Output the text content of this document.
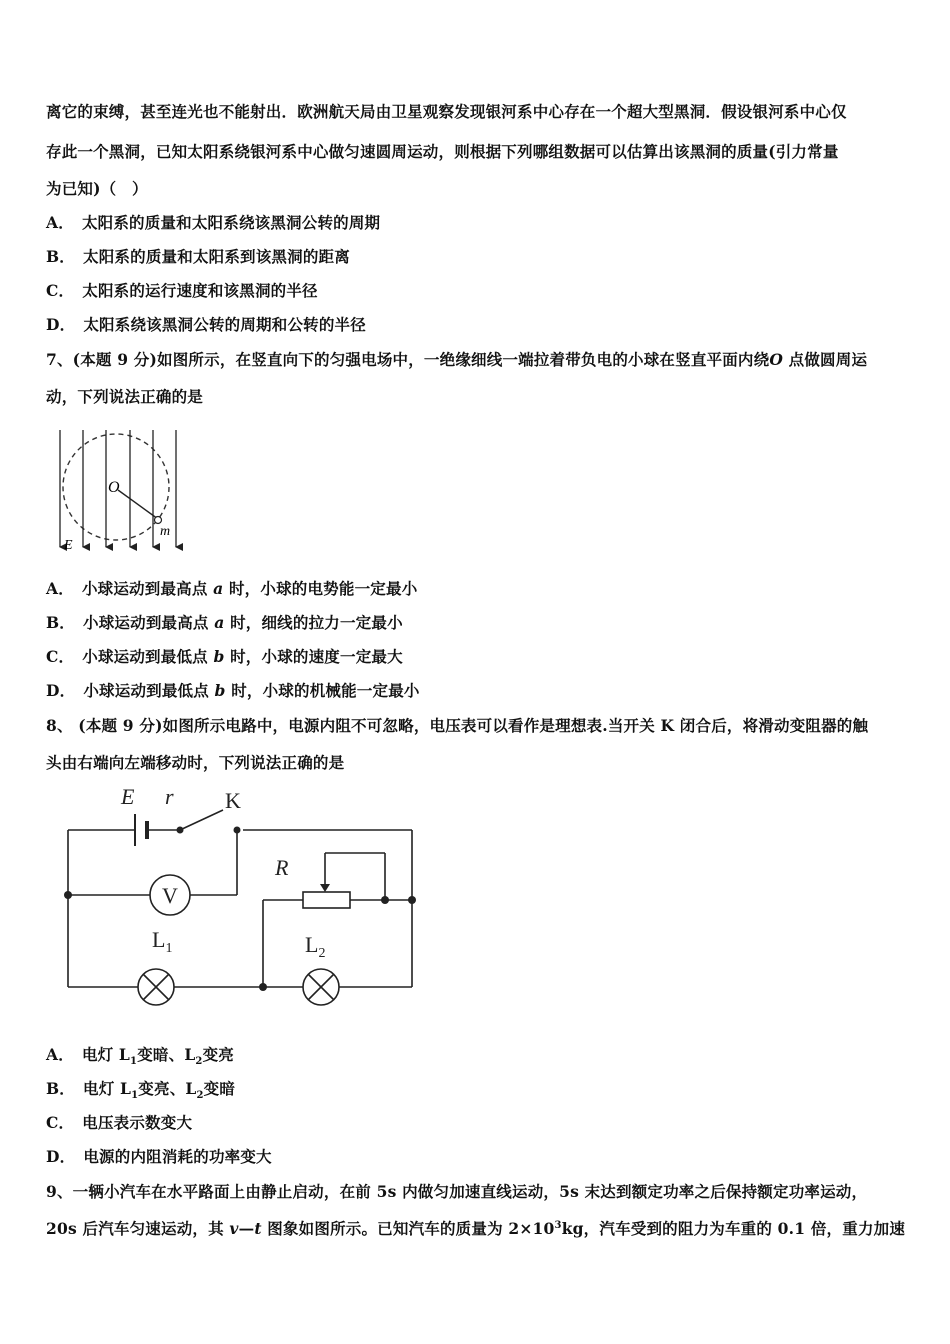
离它的束缚，甚至连光也不能射出．欧洲航天局由卫星观察发现银河系中心存在一个超大型黑洞．假设银河系中心仅
存此一个黑洞，已知太阳系绕银河系中心做匀速圆周运动，则根据下列哪组数据可以估算出该黑洞的质量(引力常量
为已知)（　）
A． 太阳系的质量和太阳系绕该黑洞公转的周期
B． 太阳系的质量和太阳系到该黑洞的距离
C． 太阳系的运行速度和该黑洞的半径
D． 太阳系绕该黑洞公转的周期和公转的半径
7、(本题 9 分)如图所示，在竖直向下的匀强电场中，一绝缘细线一端拉着带负电的小球在竖直平面内绕O 点做圆周运
动，下列说法正确的是
O
m
E
A． 小球运动到最高点 a 时，小球的电势能一定最小
B． 小球运动到最高点 a 时，细线的拉力一定最小
C． 小球运动到最低点 b 时，小球的速度一定最大
D． 小球运动到最低点 b 时，小球的机械能一定最小
8、 (本题 9 分)如图所示电路中，电源内阻不可忽略，电压表可以看作是理想表.当开关 K 闭合后，将滑动变阻器的触
头由右端向左端移动时，下列说法正确的是
E r K
R
V
$L_1$	$L_2$
A． 电灯 $L_1$变暗、$L_2$变亮
B． 电灯 $L_1$变亮、$L_2$变暗
C． 电压表示数变大
D． 电源的内阻消耗的功率变大
9、一辆小汽车在水平路面上由静止启动，在前 5s 内做匀加速直线运动，5s 末达到额定功率之后保持额定功率运动，
20s 后汽车匀速运动，其 v—t 图象如图所示。已知汽车的质量为 $2\times 10^3kg$，汽车受到的阻力为车重的 0.1 倍，重力加速
